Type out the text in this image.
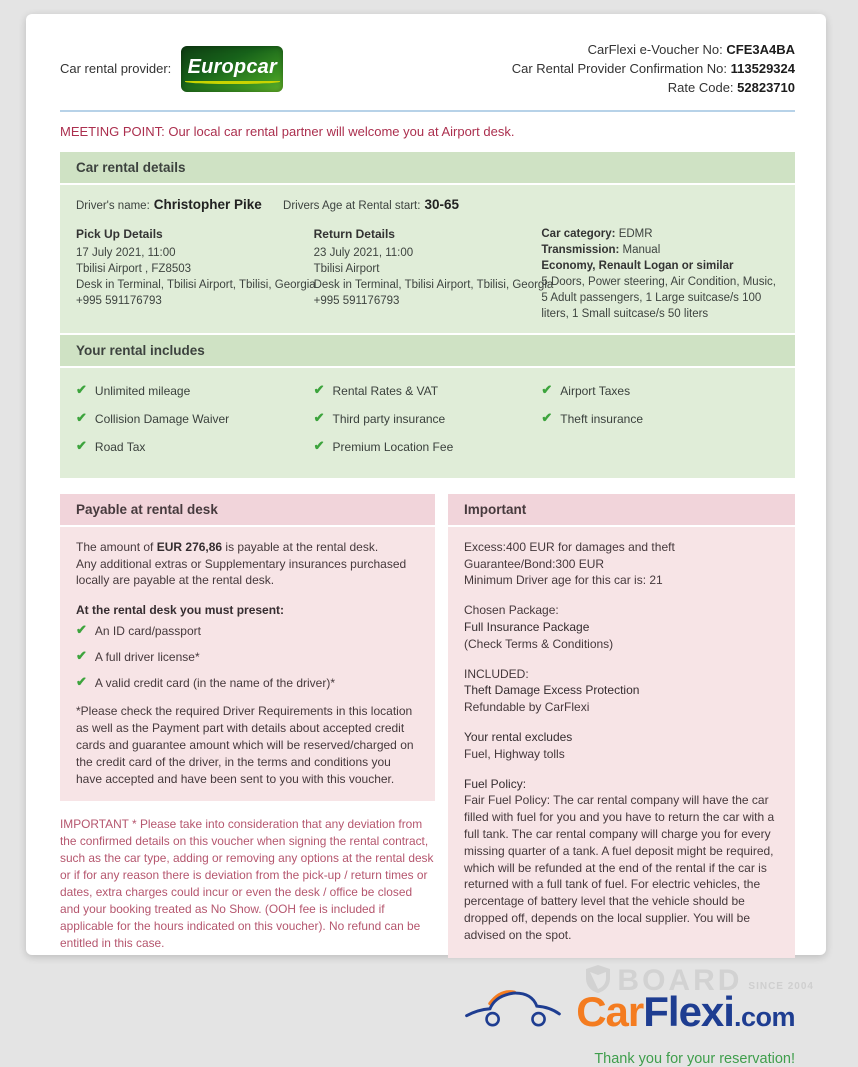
BOARD SINCE 2004
Car rental provider: Europcar
CarFlexi e-Voucher No: CFE3A4BA
Car Rental Provider Confirmation No: 113529324
Rate Code: 52823710
MEETING POINT: Our local car rental partner will welcome you at Airport desk.
Car rental details
Driver's name: Christopher Pike Drivers Age at Rental start: 30-65
Pick Up Details
17 July 2021, 11:00
Tbilisi Airport , FZ8503
Desk in Terminal, Tbilisi Airport, Tbilisi, Georgia
+995 591176793
Return Details
23 July 2021, 11:00
Tbilisi Airport
Desk in Terminal, Tbilisi Airport, Tbilisi, Georgia
+995 591176793
Car category: EDMR
Transmission: Manual
Economy, Renault Logan or similar
5 Doors, Power steering, Air Condition, Music, 5 Adult passengers, 1 Large suitcase/s 100 liters, 1 Small suitcase/s 50 liters
Your rental includes
✔ Unlimited mileage
✔ Collision Damage Waiver
✔ Road Tax
✔ Rental Rates & VAT
✔ Third party insurance
✔ Premium Location Fee
✔ Airport Taxes
✔ Theft insurance
Payable at rental desk

The amount of EUR 276,86 is payable at the rental desk.
Any additional extras or Supplementary insurances purchased locally are payable at the rental desk.

At the rental desk you must present:
✔ An ID card/passport
✔ A full driver license*
✔ A valid credit card (in the name of the driver)*

*Please check the required Driver Requirements in this location as well as the Payment part with details about accepted credit cards and guarantee amount which will be reserved/charged on the credit card of the driver, in the terms and conditions you have accepted and have been sent to you with this voucher.

IMPORTANT * Please take into consideration that any deviation from the confirmed details on this voucher when signing the rental contract, such as the car type, adding or removing any options at the rental desk or if for any reason there is deviation from the pick-up / return times or dates, extra charges could incur or even the desk / office be closed and your booking treated as No Show. (OOH fee is included if applicable for the hours indicated on this voucher). No refund can be entitled in this case.
Important
Excess:400 EUR for damages and theft
Guarantee/Bond:300 EUR
Minimum Driver age for this car is: 21
Chosen Package:
Full Insurance Package
(Check Terms & Conditions)
INCLUDED:
Theft Damage Excess Protection
Refundable by CarFlexi
Your rental excludes
Fuel, Highway tolls
Fuel Policy:
Fair Fuel Policy: The car rental company will have the car filled with fuel for you and you have to return the car with a full tank. The car rental company will charge you for every missing quarter of a tank. A fuel deposit might be required, which will be refunded at the end of the rental if the car is returned with a full tank of fuel. For electric vehicles, the percentage of battery level that the vehicle should be dropped off, depends on the local supplier. You will be advised on the spot.
CarFlexi.com
Thank you for your reservation!
